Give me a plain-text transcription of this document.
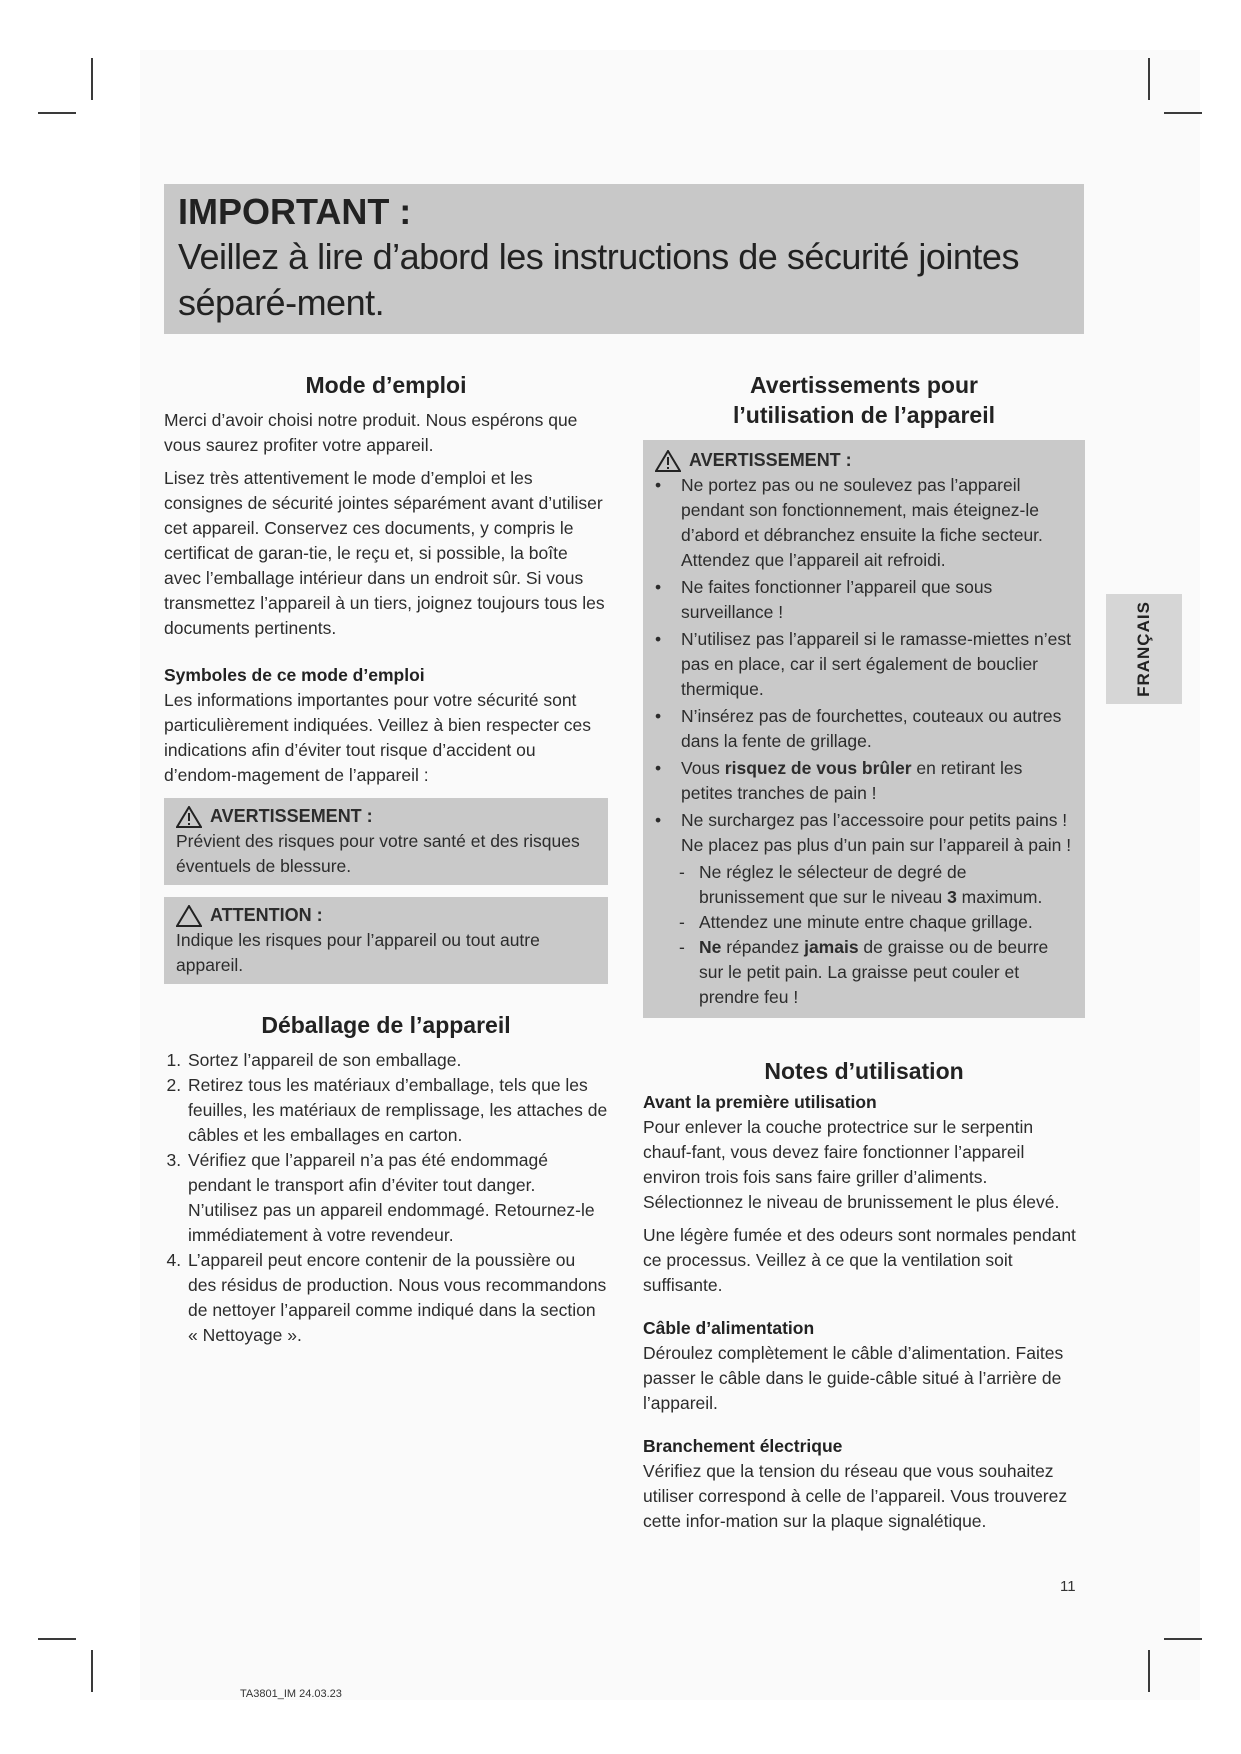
IMPORTANT :
Veillez à lire d’abord les instructions de sécurité jointes séparé-ment.
Mode d’emploi

Merci d’avoir choisi notre produit. Nous espérons que vous saurez profiter votre appareil.

Lisez très attentivement le mode d’emploi et les consignes de sécurité jointes séparément avant d’utiliser cet appareil. Conservez ces documents, y compris le certificat de garan-tie, le reçu et, si possible, la boîte avec l’emballage intérieur dans un endroit sûr. Si vous transmettez l’appareil à un tiers, joignez toujours tous les documents pertinents.

Symboles de ce mode d’emploi

Les informations importantes pour votre sécurité sont particulièrement indiquées. Veillez à bien respecter ces indications afin d’éviter tout risque d’accident ou d’endom-magement de l’appareil :

AVERTISSEMENT :
Prévient des risques pour votre santé et des risques éventuels de blessure.
ATTENTION :
Indique les risques pour l’appareil ou tout autre appareil.
Déballage de l’appareil
1. Sortez l’appareil de son emballage.
2. Retirez tous les matériaux d’emballage, tels que les feuilles, les matériaux de remplissage, les attaches de câbles et les emballages en carton.
3. Vérifiez que l’appareil n’a pas été endommagé pendant le transport afin d’éviter tout danger. N’utilisez pas un appareil endommagé. Retournez-le immédiatement à votre revendeur.
4. L’appareil peut encore contenir de la poussière ou des résidus de production. Nous vous recommandons de nettoyer l’appareil comme indiqué dans la section « Nettoyage ».
Avertissements pour
l’utilisation de l’appareil
AVERTISSEMENT :
• Ne portez pas ou ne soulevez pas l’appareil pendant son fonctionnement, mais éteignez-le d’abord et débranchez ensuite la fiche secteur. Attendez que l’appareil ait refroidi.
• Ne faites fonctionner l’appareil que sous surveillance !
• N’utilisez pas l’appareil si le ramasse-miettes n’est pas en place, car il sert également de bouclier thermique.
• N’insérez pas de fourchettes, couteaux ou autres dans la fente de grillage.
• Vous risquez de vous brûler en retirant les petites tranches de pain !
• Ne surchargez pas l’accessoire pour petits pains ! Ne placez pas plus d’un pain sur l’appareil à pain !
- Ne réglez le sélecteur de degré de brunissement que sur le niveau 3 maximum.
- Attendez une minute entre chaque grillage.
- Ne répandez jamais de graisse ou de beurre sur le petit pain. La graisse peut couler et prendre feu !
Notes d’utilisation
Avant la première utilisation

Pour enlever la couche protectrice sur le serpentin chauf-fant, vous devez faire fonctionner l’appareil environ trois fois sans faire griller d’aliments. Sélectionnez le niveau de brunissement le plus élevé.

Une légère fumée et des odeurs sont normales pendant ce processus. Veillez à ce que la ventilation soit suffisante.

Câble d’alimentation

Déroulez complètement le câble d’alimentation. Faites passer le câble dans le guide-câble situé à l’arrière de l’appareil.

Branchement électrique

Vérifiez que la tension du réseau que vous souhaitez utiliser correspond à celle de l’appareil. Vous trouverez cette infor-mation sur la plaque signalétique.

FRANÇAIS
11
TA3801_IM 24.03.23
